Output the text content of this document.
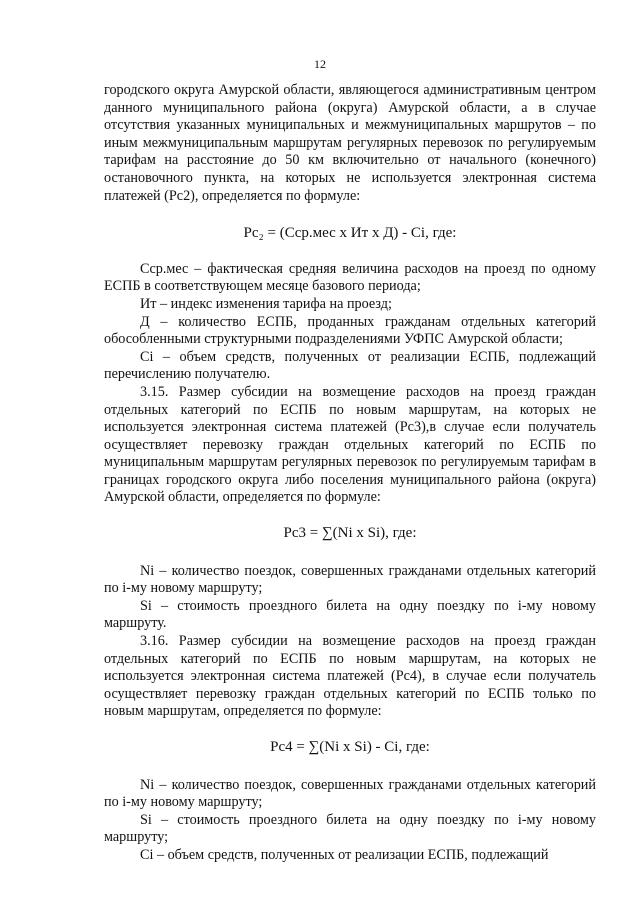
12

городского округа Амурской области, являющегося административным центром данного муниципального района (округа) Амурской области, а в случае отсутствия указанных муниципальных и межмуниципальных маршрутов – по иным межмуниципальным маршрутам регулярных перевозок по регулируемым тарифам на расстояние до 50 км включительно от начального (конечного) остановочного пункта, на которых не используется электронная система платежей (Pc2), определяется по формуле:

Pc₂ = (Cср.мес х Ит х Д) - Ci, где:

Cср.мес – фактическая средняя величина расходов на проезд по одному ЕСПБ в соответствующем месяце базового периода;

Ит – индекс изменения тарифа на проезд;

Д – количество ЕСПБ, проданных гражданам отдельных категорий обособленными структурными подразделениями УФПС Амурской области;

Ci – объем средств, полученных от реализации ЕСПБ, подлежащий перечислению получателю.

3.15. Размер субсидии на возмещение расходов на проезд граждан отдельных категорий по ЕСПБ по новым маршрутам, на которых не используется электронная система платежей (Pc3),в случае если получатель осуществляет перевозку граждан отдельных категорий по ЕСПБ по муниципальным маршрутам регулярных перевозок по регулируемым тарифам в границах городского округа либо поселения муниципального района (округа) Амурской области, определяется по формуле:

Pc3 = ∑(Ni х Si), где:

Ni – количество поездок, совершенных гражданами отдельных категорий по i-му новому маршруту;

Si – стоимость проездного билета на одну поездку по i-му новому маршруту.

3.16. Размер субсидии на возмещение расходов на проезд граждан отдельных категорий по ЕСПБ по новым маршрутам, на которых не используется электронная система платежей (Pc4), в случае если получатель осуществляет перевозку граждан отдельных категорий по ЕСПБ только по новым маршрутам, определяется по формуле:

Pc4 = ∑(Ni х Si) - Ci, где:

Ni – количество поездок, совершенных гражданами отдельных категорий по i-му новому маршруту;

Si – стоимость проездного билета на одну поездку по i-му новому маршруту;

Ci – объем средств, полученных от реализации ЕСПБ, подлежащий
